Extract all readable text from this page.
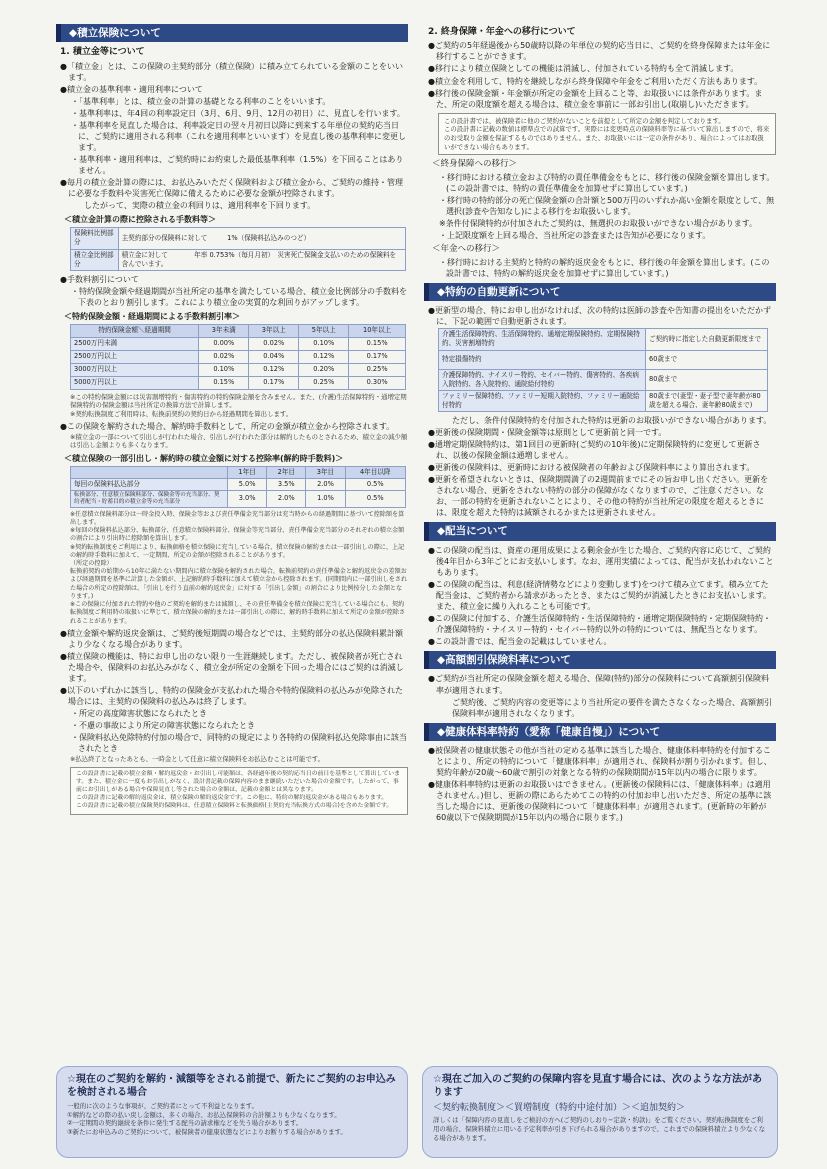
◆積立保険について
1. 積立金等について
●「積立金」とは、この保険の主契約部分（積立保険）に積み立てられている金額のことをいいます。
●積立金の基準利率・適用利率について
・「基準利率」とは、積立金の計算の基礎となる利率のことをいいます。
・基準利率は、年4回の利率設定日（3月、6月、9月、12月の初日）に、見直しを行います。
・基準利率を見直した場合は、利率設定日の翌々月初日以降に到来する年単位の契約応当日に、ご契約に適用される利率（これを適用利率といいます）を見直し後の基準利率に変更します。
・基準利率・適用利率は、ご契約時にお約束した最低基準利率（1.5%）を下回ることはありません。
●毎月の積立金計算の際には、お払込みいただく保険料および積立金から、ご契約の維持・管理に必要な手数料や災害死亡保障に備えるために必要な金額が控除されます。
したがって、実際の積立金の利回りは、適用利率を下回ります。
＜積立金計算の際に控除される手数料等＞
保険料比例部分	主契約部分の保険料に対して　　　1%（保険料払込みのつど）
積立金比例部分	積立金に対して　　　　年率 0.753%（毎月月初）　災害死亡保険金支払いのための保険料を含んでいます。
●手数料割引について
・特約保険金額や経過期間が当社所定の基準を満たしている場合、積立金比例部分の手数料を下表のとおり割引します。これにより積立金の実質的な利回りがアップします。
＜特約保険金額・経過期間による手数料割引率＞
特約保険金額＼経過期間	3年未満	3年以上	5年以上	10年以上
2500万円未満	0.00%	0.02%	0.10%	0.15%
2500万円以上	0.02%	0.04%	0.12%	0.17%
3000万円以上	0.10%	0.12%	0.20%	0.25%
5000万円以上	0.15%	0.17%	0.25%	0.30%
※この特約保険金額には災害割増特約・傷害特約の特約保険金額を含みません。また、(介護)生活保障特約・通増定期保険特約の保険金額は当社所定の換算方法で計算します。
※契約転換制度ご利用時は、転換前契約の契約日から経過期間を算出します。
●この保険を解約された場合、解約時手数料として、所定の金額が積立金から控除されます。
※積立金の一部について引出しが行われた場合、引出しが行われた部分は解約したものとされるため、積立金の減少額は引出し金額よりも多くなります。
＜積立保険の一部引出し・解約時の積立金額に対する控除率(解約時手数料)＞
	1年目	2年目	3年目	4年目以降
毎回の保険料払込部分	5.0%	3.5%	2.0%	0.5%
転換部分、任意積立保険料部分、保険金等の充当部分、契約者配当・貯蓄目的の積立金等の充当部分	3.0%	2.0%	1.0%	0.5%
※任意積立保険料部分は一時金投入時、保険金等および責任準備金充当部分は充当時からの経過期間に基づいて控除額を算出します。
※毎回の保険料払込部分、転換部分、任意積立保険料部分、保険金等充当部分、責任準備金充当部分のそれぞれの積立金額の割合により引出時に控除額を算出します。
※契約転換制度をご利用により、転換価格を積立保険に充当している場合、積立保険の解約または一部引出しの際に、上記の解約時手数料に加えて、一定期間、所定の金額が控除されることがあります。
（所定の控除）
転換前契約の始期から10年に満たない期間内に積立保険を解約された場合、転換前契約の責任準備金と解約返戻金の差額および経過期間を基準に計算した金額が、上記解約時手数料に加えて積立金から控除されます。(同期間内に一部引出しをされた場合の所定の控除額は、「引出しを行う直前の解約返戻金」に対する「引出し金額」の割合により比例按分した金額となります。)
※この保険に付加された特約や他のご契約を解約または減額し、その責任準備金を積立保険に充当している場合にも、契約転換制度ご利用時の取扱いに準じて、積立保険の解約または一部引出しの際に、解約時手数料に加えて所定の金額が控除されることがあります。
●積立金額や解約返戻金額は、ご契約後短期間の場合などでは、主契約部分の払込保険料累計額より少なくなる場合があります。
●積立保険の機能は、特にお申し出のない限り一生涯継続します。ただし、被保険者が死亡された場合や、保険料のお払込みがなく、積立金が所定の金額を下回った場合にはご契約は消滅します。
●以下のいずれかに該当し、特約の保険金が支払われた場合や特約保険料の払込みが免除された場合には、主契約の保険料の払込みは終了します。
・所定の高度障害状態になられたとき
・不慮の事故により所定の障害状態になられたとき
・保険料払込免除特約付加の場合で、同特約の規定により各特約の保険料払込免除事由に該当されたとき
※払込終了となったあとも、一時金として任意に積立保険料をお払込むことは可能です。
この設計書に記載の積立金額・解約返戻金・お引出し可能額は、各経過年後の契約応当日の前日を基準として算出しています。また、積立金に一度もお引出しがなく、設計書記載の保障内容のまま継続いただいた場合の金額です。したがって、事前にお引出しがある場合や保障見直し等された場合の金額は、記載の金額とは異なります。
この設計書に記載の解約返戻金は、積立保険の解約返戻金です。この他に、特約の解約返戻金がある場合もあります。
この設計書に記載の積立保険契約保険料は、任意積立保険料と転換価格(主契約充当転換方式の場合)を含めた金額です。
2. 終身保障・年金への移行について
●ご契約の5年経過後から50歳時以降の年単位の契約応当日に、ご契約を終身保障または年金に移行することができます。
●移行により積立保険としての機能は消滅し、付加されている特約も全て消滅します。
●積立金を利用して、特約を継続しながら終身保障や年金をご利用いただく方法もあります。
●移行後の保険金額・年金額が所定の金額を上回ること等、お取扱いには条件があります。また、所定の限度額を超える場合は、積立金を事前に一部お引出し(取崩し)いただきます。
この設計書では、被保険者に他のご契約がないことを前提として所定の金額を判定しております。
この設計書に記載の数値は標準点での試算です。実際には変更時点の保険料率等に基づいて算出しますので、将来のお受取り金額を保証するものではありません。また、お取扱いには一定の条件があり、場合によってはお取扱いができない場合もあります。
＜終身保障への移行＞
・移行時における積立金および特約の責任準備金をもとに、移行後の保険金額を算出します。(この設計書では、特約の責任準備金を加算せずに算出しています。)
・移行時の特約部分の死亡保険金額の合計額と500万円のいずれか高い金額を限度として、無選択(診査や告知なし)による移行をお取扱いします。
※条件付保険特約が付加されたご契約は、無選択のお取扱いができない場合があります。
・上記限度額を上回る場合、当社所定の診査または告知が必要になります。
＜年金への移行＞
・移行時における主契約と特約の解約返戻金をもとに、移行後の年金額を算出します。(この設計書では、特約の解約返戻金を加算せずに算出しています。)
◆特約の自動更新について
●更新型の場合、特にお申し出がなければ、次の特約は医師の診査や告知書の提出をいただかずに、下記の範囲で自動更新されます。
介護生活保障特約、生活保障特約、通増定期保険特約、定期保険特約、災害割増特約	ご契約時に指定した自動更新限度まで
特定損傷特約	60歳まで
介護保障特約、ナイスリー特約、セイバー特約、傷害特約、各疾病入院特約、各入院特約、通院給付特約	80歳まで
ファミリー保障特約、ファミリー短期入院特約、ファミリー通院給付特約	80歳まで(妻型・妻子型で妻年齢が80歳を超える場合、妻年齢80歳まで)
ただし、条件付保険特約を付加された特約は更新のお取扱いができない場合があります。
●更新後の保険期間・保険金額等は原則として更新前と同一です。
●通増定期保険特約は、第1回目の更新時(ご契約の10年後)に定期保険特約に変更して更新され、以後の保険金額は通増しません。
●更新後の保険料は、更新時における被保険者の年齢および保険料率により算出されます。
●更新を希望されないときは、保険期間満了の2週間前までにその旨お申し出ください。更新をされない場合、更新をされない特約の部分の保障がなくなりますので、ご注意ください。なお、一部の特約を更新されないことにより、その他の特約が当社所定の限度を超えるときには、限度を超えた特約は減額されるかまたは更新されません。
◆配当について
●この保険の配当は、資産の運用成果による剰余金が生じた場合、ご契約内容に応じて、ご契約後4年目から3年ごとにお支払いします。なお、運用実績によっては、配当が支払われないこともあります。
●この保険の配当は、利息(経済情勢などにより変動します)をつけて積み立てます。積み立てた配当金は、ご契約者から請求があったとき、またはご契約が消滅したときにお支払いします。また、積立金に繰り入れることも可能です。
●この保険に付加する、介護生活保障特約・生活保障特約・通増定期保険特約・定期保険特約・介護保障特約・ナイスリー特約・セイバー特約以外の特約については、無配当となります。
●この設計書では、配当金の記載はしていません。
◆高額割引保険料率について
●ご契約が当社所定の保険金額を超える場合、保障(特約)部分の保険料について高額割引保険料率が適用されます。
ご契約後、ご契約内容の変更等により当社所定の要件を満たさなくなった場合、高額割引保険料率が適用されなくなります。
◆健康体料率特約（愛称「健康自慢」）について
●被保険者の健康状態その他が当社の定める基準に該当した場合、健康体料率特約を付加することにより、所定の特約について「健康体料率」が適用され、保険料が割り引かれます。但し、契約年齢が20歳〜60歳で割引の対象となる特約の保険期間が15年以内の場合に限ります。
●健康体料率特約は更新のお取扱いはできません。(更新後の保険料には、「健康体料率」は適用されません。)但し、更新の際にあらためてこの特約の付加お申し出いただき、所定の基準に該当した場合には、更新後の保険料について「健康体料率」が適用されます。(更新時の年齢が60歳以下で保険期間が15年以内の場合に限ります。)
☆現在のご契約を解約・減額等をされる前提で、新たにご契約のお申込みを検討される場合
一般的に次のような事項が、ご契約者にとって不利益となります。
①解約などの際の払い戻し金額は、多くの場合、お払込保険料の合計額よりも少なくなります。
②一定期間の契約継続を条件に発生する配当の請求権などを失う場合があります。
③新たにお申込みのご契約について、被保険者の健康状態などによりお断りする場合があります。
☆現在ご加入のご契約の保障内容を見直す場合には、次のような方法があります
＜契約転換制度＞＜買増制度（特約中途付加）＞＜追加契約＞
詳しくは「保障内容の見直しをご検討の方へ(ご契約のしおり−定款・約款)」をご覧ください。契約転換制度をご利用の場合、保険料積立に用いる予定利率が引き下げられる場合がありますので、これまでの保険料積立より少なくなる場合があります。
